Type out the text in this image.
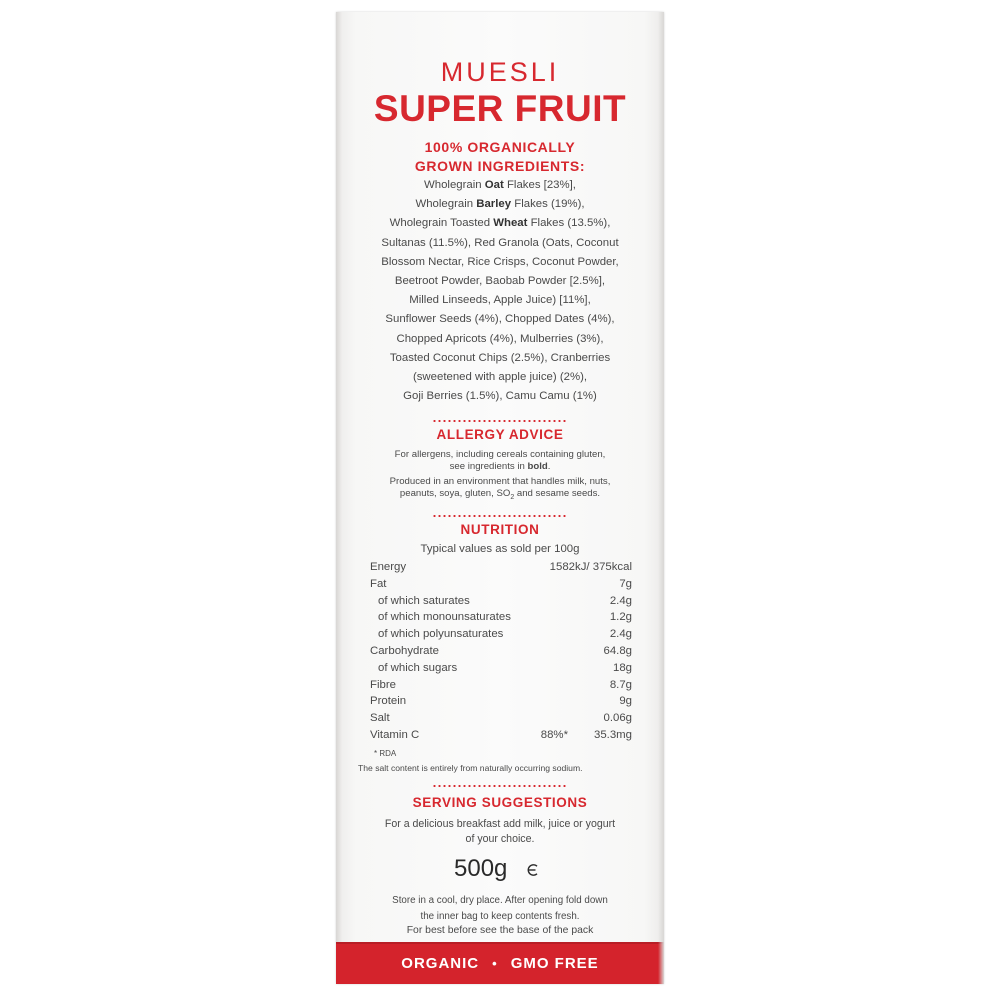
MUESLI
SUPER FRUIT
100% ORGANICALLY
GROWN INGREDIENTS:
Wholegrain Oat Flakes [23%],
Wholegrain Barley Flakes (19%),
Wholegrain Toasted Wheat Flakes (13.5%),
Sultanas (11.5%), Red Granola (Oats, Coconut
Blossom Nectar, Rice Crisps, Coconut Powder,
Beetroot Powder, Baobab Powder [2.5%],
Milled Linseeds, Apple Juice) [11%],
Sunflower Seeds (4%), Chopped Dates (4%),
Chopped Apricots (4%), Mulberries (3%),
Toasted Coconut Chips (2.5%), Cranberries
(sweetened with apple juice) (2%),
Goji Berries (1.5%), Camu Camu (1%)
ALLERGY ADVICE
For allergens, including cereals containing gluten,
see ingredients in bold.
Produced in an environment that handles milk, nuts,
peanuts, soya, gluten, $SO_2$ and sesame seeds.
NUTRITION
Typical values as sold per 100g
Energy	1582kJ/ 375kcal
Fat	7g
of which saturates	2.4g
of which monounsaturates	1.2g
of which polyunsaturates	2.4g
Carbohydrate	64.8g
of which sugars	18g
Fibre	8.7g
Protein	9g
Salt	0.06g
Vitamin C	88%* 35.3mg
* RDA
The salt content is entirely from naturally occurring sodium.
SERVING SUGGESTIONS
For a delicious breakfast add milk, juice or yogurt
of your choice.
500g
Store in a cool, dry place. After opening fold down
the inner bag to keep contents fresh.
For best before see the base of the pack
ORGANIC • GMO FREE
